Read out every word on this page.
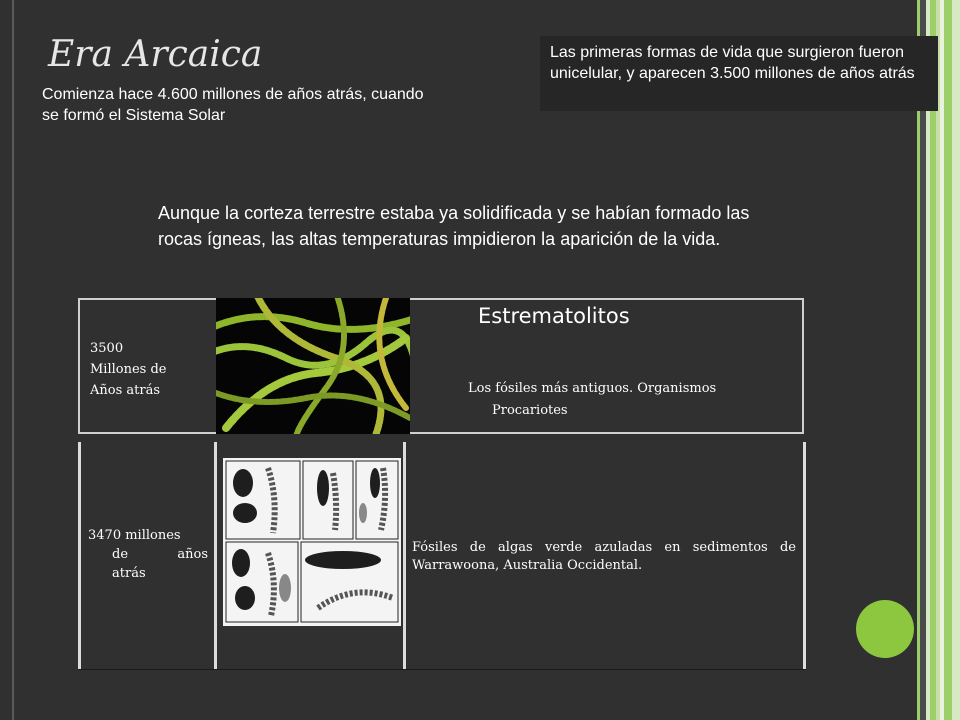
Era Arcaica
Comienza hace 4.600 millones de años atrás, cuando se formó el Sistema Solar
Las primeras formas de vida que surgieron fueron unicelular, y aparecen 3.500 millones de años atrás
Aunque la corteza terrestre estaba ya solidificada y se habían formado las rocas ígneas, las altas temperaturas impidieron la aparición de la vida.
3500
Millones de
Años atrás
Estrematolitos
Los fósiles más antiguos. Organismos
Procariotes
3470 millones
de años
atrás
Fósiles de algas verde azuladas en sedimentos de Warrawoona, Australia Occidental.
